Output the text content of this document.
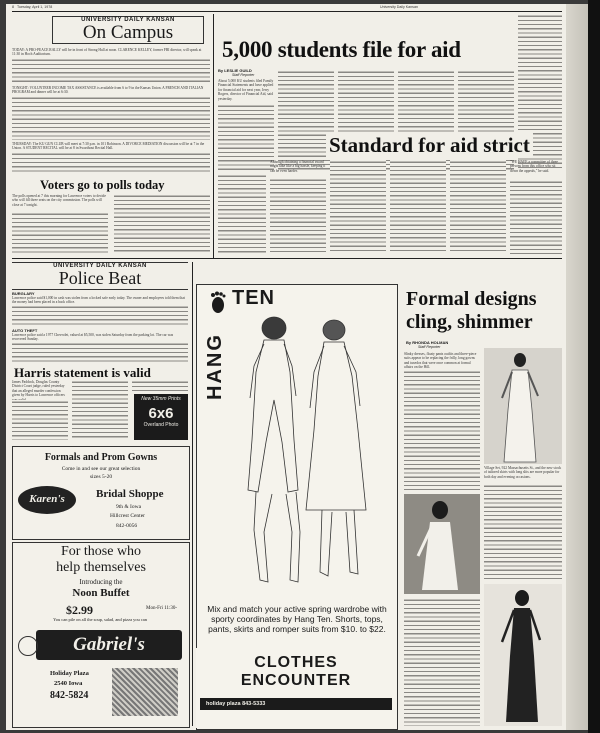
8 Tuesday, April 1, 1978	University Daily Kansan
UNIVERSITY DAILY KANSAN
On Campus
TODAY: A PRO-PEACE RALLY will be in front of Strong Hall at noon. CLARENCE KELLEY, former FBI director, will speak at 11:30 in Hoch Auditorium.
TONIGHT: VOLUNTEER INCOME TAX ASSISTANCE is available from 6 to 9 in the Kansas Union. A FRENCH AND ITALIAN PROGRAM and dinner will be at 6:30.
THURSDAY: The KU GUN CLUB will meet at 7:30 p.m. in 101 Robinson. A DIVORCE MEDIATION discussion will be at 7 in the Union. A STUDENT RECITAL will be at 8 in Swarthout Recital Hall.
Voters go to polls today
The polls opened at 7 this morning for Lawrence voters to decide who will fill three seats on the city commission. The polls will close at 7 tonight.
5,000 students file for aid
By LESLIE GUILD
Staff Reporter
About 5,000 KU students filed Family Financial Statements and have applied for financial aid for next year, Jerry Rogers, director of Financial Aid, said yesterday.
Standard for aid strict
Although obtaining a financial award might take like a big hassle, keeping it can be even harder.
"WE HAVE a committee of three persons from this office who sit down the appeals," he said.
UNIVERSITY DAILY KANSAN
Police Beat
BURGLARY
Lawrence police said $1,000 in cash was stolen from a locked safe early today. The owner and employees told them that the money had been placed in a back office.
AUTO THEFT
Lawrence police said a 1977 Chevrolet, valued at $5,500, was stolen Saturday from the parking lot. The car was recovered Sunday.
Harris statement is valid
James Paddock, Douglas County District Court judge, ruled yesterday that an alleged murder confession given by Harris to Lawrence officers
New 35mm Prints
6x6
Overland Photo
Formals and Prom Gowns
Come in and see our great selection
sizes 5-20
Karen's	Bridal Shoppe
9th & Iowa
Hillcrest Center
842-0056
For those who
help themselves
Introducing the
Noon Buffet
$2.99	Mon-Fri 11:30-
You can pile on all the soup, salad, and pizza you can
Gabriel's
Holiday Plaza
2540 Iowa
842-5824
TEN
HANG
Mix and match your active spring wardrobe with sporty coordinates by Hang Ten. Shorts, tops, pants, skirts and romper suits from $10. to $22.
CLOTHES
ENCOUNTER
holiday plaza 843-5333
Formal designs
cling, shimmer
By RHONDA HOLMAN
Staff Reporter
Slinky dresses, floaty pants outfits and three-piece suits appear to be replacing the frilly, long gowns and tuxedos that were once common at formal affairs on the Hill.
Village Set, 922 Massachusetts St., and the new stock of tailored skirts with long slits are more popular for both day and evening occasions.
